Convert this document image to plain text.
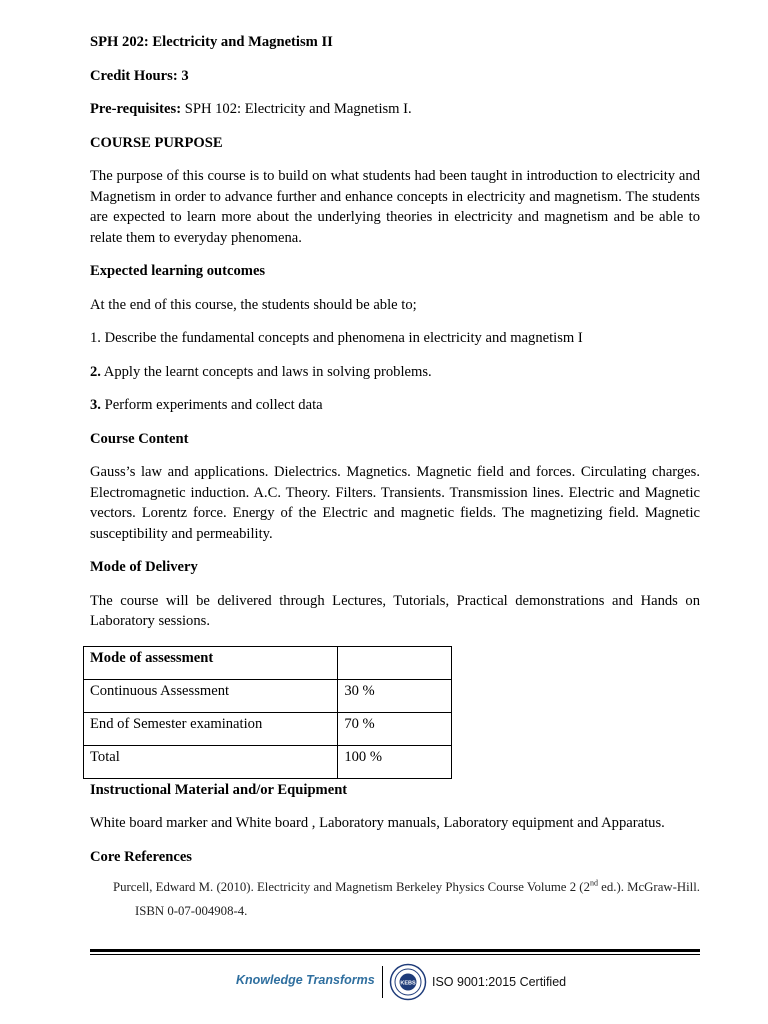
SPH 202: Electricity and Magnetism II

Credit Hours: 3

Pre-requisites: SPH 102: Electricity and Magnetism I.

COURSE PURPOSE

The purpose of this course is to build on what students had been taught in introduction to electricity and Magnetism in order to advance further and enhance concepts in electricity and magnetism. The students are expected to learn more about the underlying theories in electricity and magnetism and be able to relate them to everyday phenomena.

Expected learning outcomes

At the end of this course, the students should be able to;

1. Describe the fundamental concepts and phenomena in electricity and magnetism I

2. Apply the learnt concepts and laws in solving problems.

3. Perform experiments and collect data

Course Content

Gauss’s law and applications. Dielectrics. Magnetics. Magnetic field and forces. Circulating charges. Electromagnetic induction. A.C. Theory. Filters. Transients. Transmission lines. Electric and Magnetic vectors. Lorentz force. Energy of the Electric and magnetic fields. The magnetizing field. Magnetic susceptibility and permeability.

Mode of Delivery

The course will be delivered through Lectures, Tutorials, Practical demonstrations and Hands on Laboratory sessions.

Mode of assessment	
Continuous Assessment	30 %
End of Semester examination	70 %
Total	100 %

Instructional Material and/or Equipment

White board marker and White board , Laboratory manuals, Laboratory equipment and Apparatus.

Core References

Purcell, Edward M. (2010). Electricity and Magnetism Berkeley Physics Course Volume 2 (2nd ed.). McGraw-Hill. ISBN 0-07-004908-4.

Knowledge Transforms	KEBS ISO 9001:2015 Certified
